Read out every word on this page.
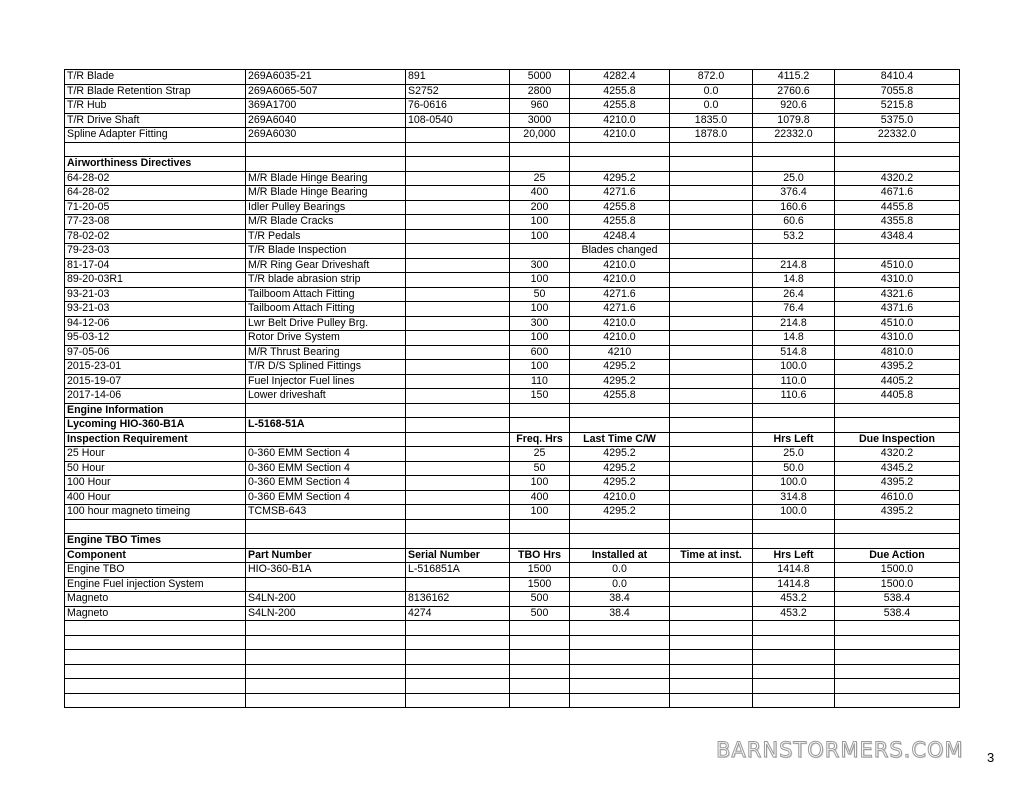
T/R Blade	269A6035-21	891	5000	4282.4	872.0	4115.2	8410.4
T/R Blade Retention Strap	269A6065-507	S2752	2800	4255.8	0.0	2760.6	7055.8
T/R Hub	369A1700	76-0616	960	4255.8	0.0	920.6	5215.8
T/R Drive Shaft	269A6040	108-0540	3000	4210.0	1835.0	1079.8	5375.0
Spline Adapter Fitting	269A6030		20,000	4210.0	1878.0	22332.0	22332.0

Airworthiness Directives							
64-28-02	M/R Blade Hinge Bearing		25	4295.2		25.0	4320.2
64-28-02	M/R Blade Hinge Bearing		400	4271.6		376.4	4671.6
71-20-05	Idler Pulley Bearings		200	4255.8		160.6	4455.8
77-23-08	M/R Blade Cracks		100	4255.8		60.6	4355.8
78-02-02	T/R Pedals		100	4248.4		53.2	4348.4
79-23-03	T/R Blade Inspection			Blades changed			
81-17-04	M/R Ring Gear Driveshaft		300	4210.0		214.8	4510.0
89-20-03R1	T/R blade abrasion strip		100	4210.0		14.8	4310.0
93-21-03	Tailboom Attach Fitting		50	4271.6		26.4	4321.6
93-21-03	Tailboom Attach Fitting		100	4271.6		76.4	4371.6
94-12-06	Lwr Belt Drive Pulley Brg.		300	4210.0		214.8	4510.0
95-03-12	Rotor Drive System		100	4210.0		14.8	4310.0
97-05-06	M/R Thrust Bearing		600	4210		514.8	4810.0
2015-23-01	T/R D/S Splined Fittings		100	4295.2		100.0	4395.2
2015-19-07	Fuel Injector Fuel lines		110	4295.2		110.0	4405.2
2017-14-06	Lower driveshaft		150	4255.8		110.6	4405.8
Engine Information							
Lycoming HIO-360-B1A	L-5168-51A						
Inspection Requirement			Freq. Hrs	Last Time C/W		Hrs Left	Due Inspection
25 Hour	0-360 EMM Section 4		25	4295.2		25.0	4320.2
50 Hour	0-360 EMM Section 4		50	4295.2		50.0	4345.2
100 Hour	0-360 EMM Section 4		100	4295.2		100.0	4395.2
400 Hour	0-360 EMM Section 4		400	4210.0		314.8	4610.0
100 hour magneto timeing	TCMSB-643		100	4295.2		100.0	4395.2

Engine TBO Times							
Component	Part Number	Serial Number	TBO Hrs	Installed at	Time at inst.	Hrs Left	Due Action
Engine TBO	HIO-360-B1A	L-516851A	1500	0.0		1414.8	1500.0
Engine Fuel injection System			1500	0.0		1414.8	1500.0
Magneto	S4LN-200	8136162	500	38.4		453.2	538.4
Magneto	S4LN-200	4274	500	38.4		453.2	538.4

BARNSTORMERS.COM 3
